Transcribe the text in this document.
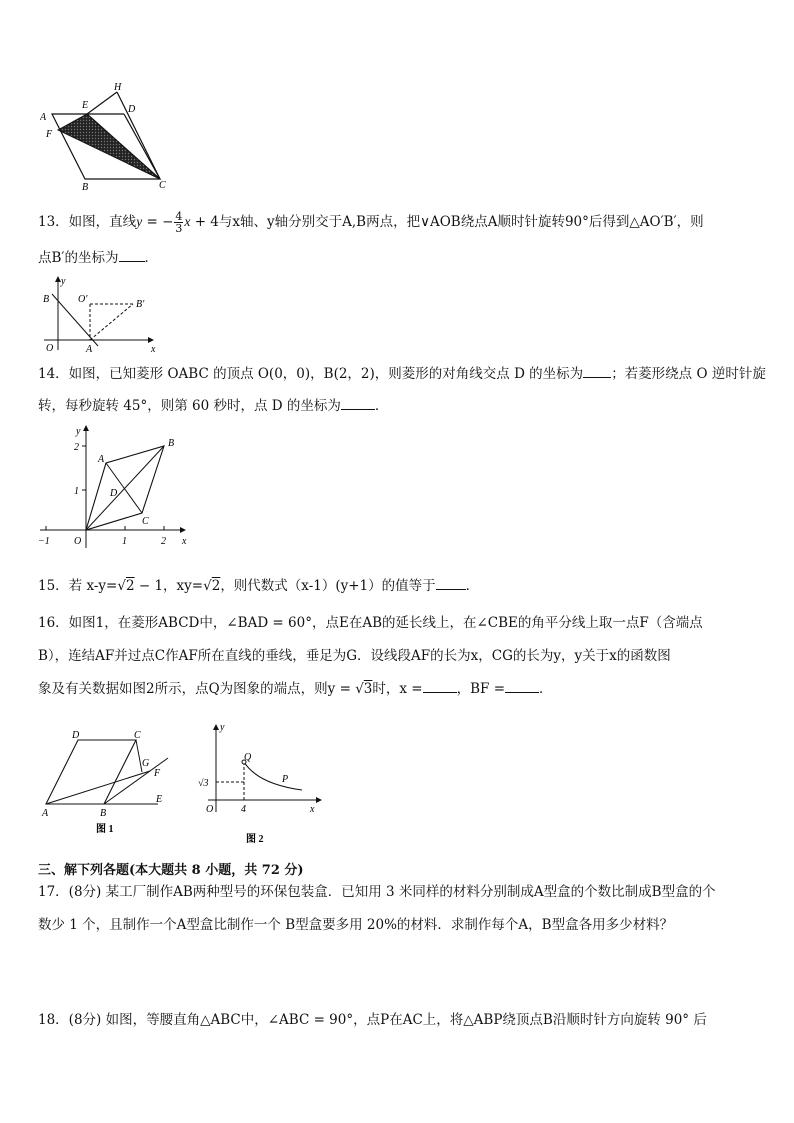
A
E
H
D
F
B	C
13．如图，直线y = − $\frac{4}{3}$ x + 4与x轴、y轴分别交于A,B两点，把∨AOB绕点A顺时针旋转90°后得到△AO′B′，则
点B′的坐标为 ．
y
B	O′	B′
O	A	x
14．如图，已知菱形 OABC 的顶点 O(0，0)，B(2，2)，则菱形的对角线交点 D 的坐标为 ；若菱形绕点 O 逆时针旋
转，每秒旋转 45°，则第 60 秒时，点 D 的坐标为	．
y
2
1
A
B
D
C
−1 O	1	2 x
15．若 x-y=√2 − 1，xy=√2，则代数式（x-1）(y+1）的值等于 ．
16．如图1，在菱形ABCD中，∠BAD = 60°，点E在AB的延长线上，在∠CBE的角平分线上取一点F（含端点
B），连结AF并过点C作AF所在直线的垂线，垂足为G．设线段AF的长为x，CG的长为y，y关于x的函数图
象及有关数据如图2所示，点Q为图象的端点，则y = √3时，x =	，BF =	．
D	C
G
F
A	B
E
图 1
y
Q
P
√3
O	4	x
图 2
三、解下列各题(本大题共 8 小题，共 72 分)
17．(8分) 某工厂制作AB两种型号的环保包装盒．已知用 3 米同样的材料分别制成A型盒的个数比制成B型盒的个
数少 1 个，且制作一个A型盒比制作一个 B型盒要多用 20%的材料．求制作每个A，B型盒各用多少材料？
18．(8分) 如图，等腰直角△ABC中，∠ABC = 90°，点P在AC上，将△ABP绕顶点B沿顺时针方向旋转 90° 后
